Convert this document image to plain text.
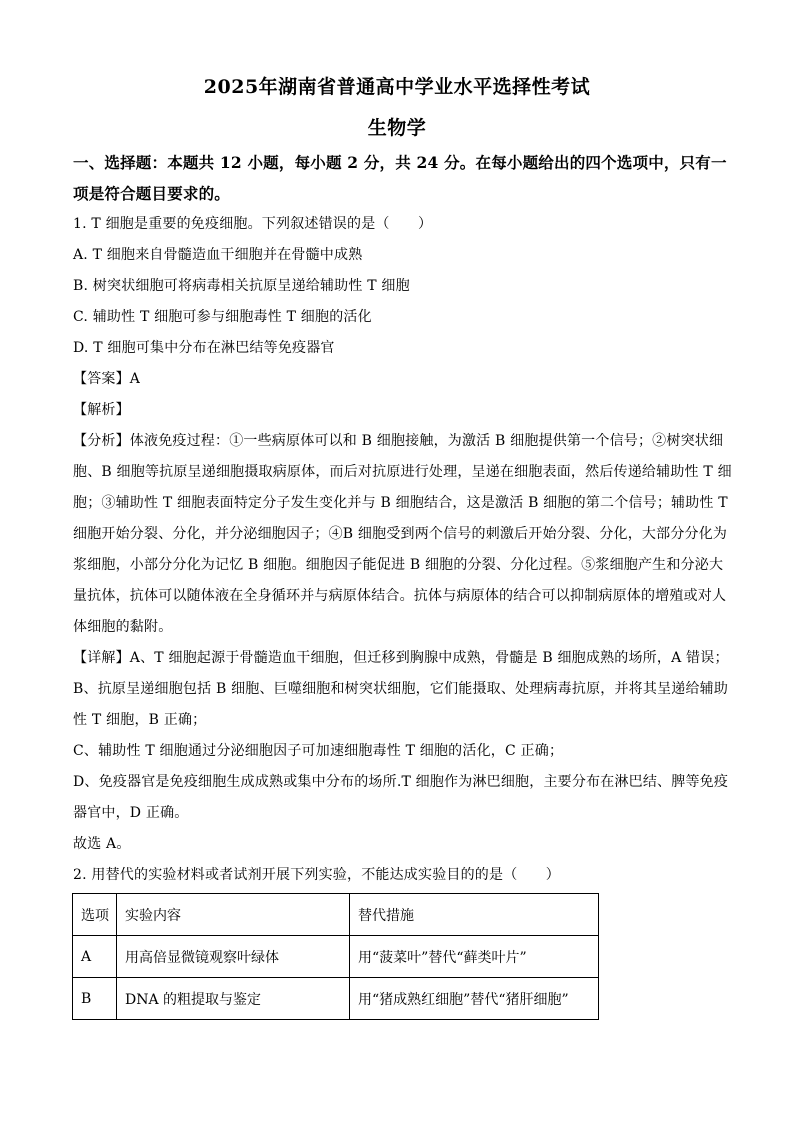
2025年湖南省普通高中学业水平选择性考试
生物学
一、选择题：本题共 12 小题，每小题 2 分，共 24 分。在每小题给出的四个选项中，只有一
项是符合题目要求的。
1. T 细胞是重要的免疫细胞。下列叙述错误的是（　　）
A. T 细胞来自骨髓造血干细胞并在骨髓中成熟
B. 树突状细胞可将病毒相关抗原呈递给辅助性 T 细胞
C. 辅助性 T 细胞可参与细胞毒性 T 细胞的活化
D. T 细胞可集中分布在淋巴结等免疫器官
【答案】A
【解析】
【分析】体液免疫过程：①一些病原体可以和 B 细胞接触，为激活 B 细胞提供第一个信号；②树突状细
胞、B 细胞等抗原呈递细胞摄取病原体，而后对抗原进行处理，呈递在细胞表面，然后传递给辅助性 T 细
胞；③辅助性 T 细胞表面特定分子发生变化并与 B 细胞结合，这是激活 B 细胞的第二个信号；辅助性 T
细胞开始分裂、分化，并分泌细胞因子；④B 细胞受到两个信号的刺激后开始分裂、分化，大部分分化为
浆细胞，小部分分化为记忆 B 细胞。细胞因子能促进 B 细胞的分裂、分化过程。⑤浆细胞产生和分泌大
量抗体，抗体可以随体液在全身循环并与病原体结合。抗体与病原体的结合可以抑制病原体的增殖或对人
体细胞的黏附。
【详解】A、T 细胞起源于骨髓造血干细胞，但迁移到胸腺中成熟，骨髓是 B 细胞成熟的场所，A 错误；
B、抗原呈递细胞包括 B 细胞、巨噬细胞和树突状细胞，它们能摄取、处理病毒抗原，并将其呈递给辅助
性 T 细胞，B 正确；
C、辅助性 T 细胞通过分泌细胞因子可加速细胞毒性 T 细胞的活化，C 正确；
D、免疫器官是免疫细胞生成成熟或集中分布的场所.T 细胞作为淋巴细胞，主要分布在淋巴结、脾等免疫
器官中，D 正确。
故选 A。
2. 用替代的实验材料或者试剂开展下列实验，不能达成实验目的的是（　　）
选项	实验内容	替代措施
A	用高倍显微镜观察叶绿体	用“菠菜叶”替代“藓类叶片”
B	DNA 的粗提取与鉴定	用“猪成熟红细胞”替代“猪肝细胞”
